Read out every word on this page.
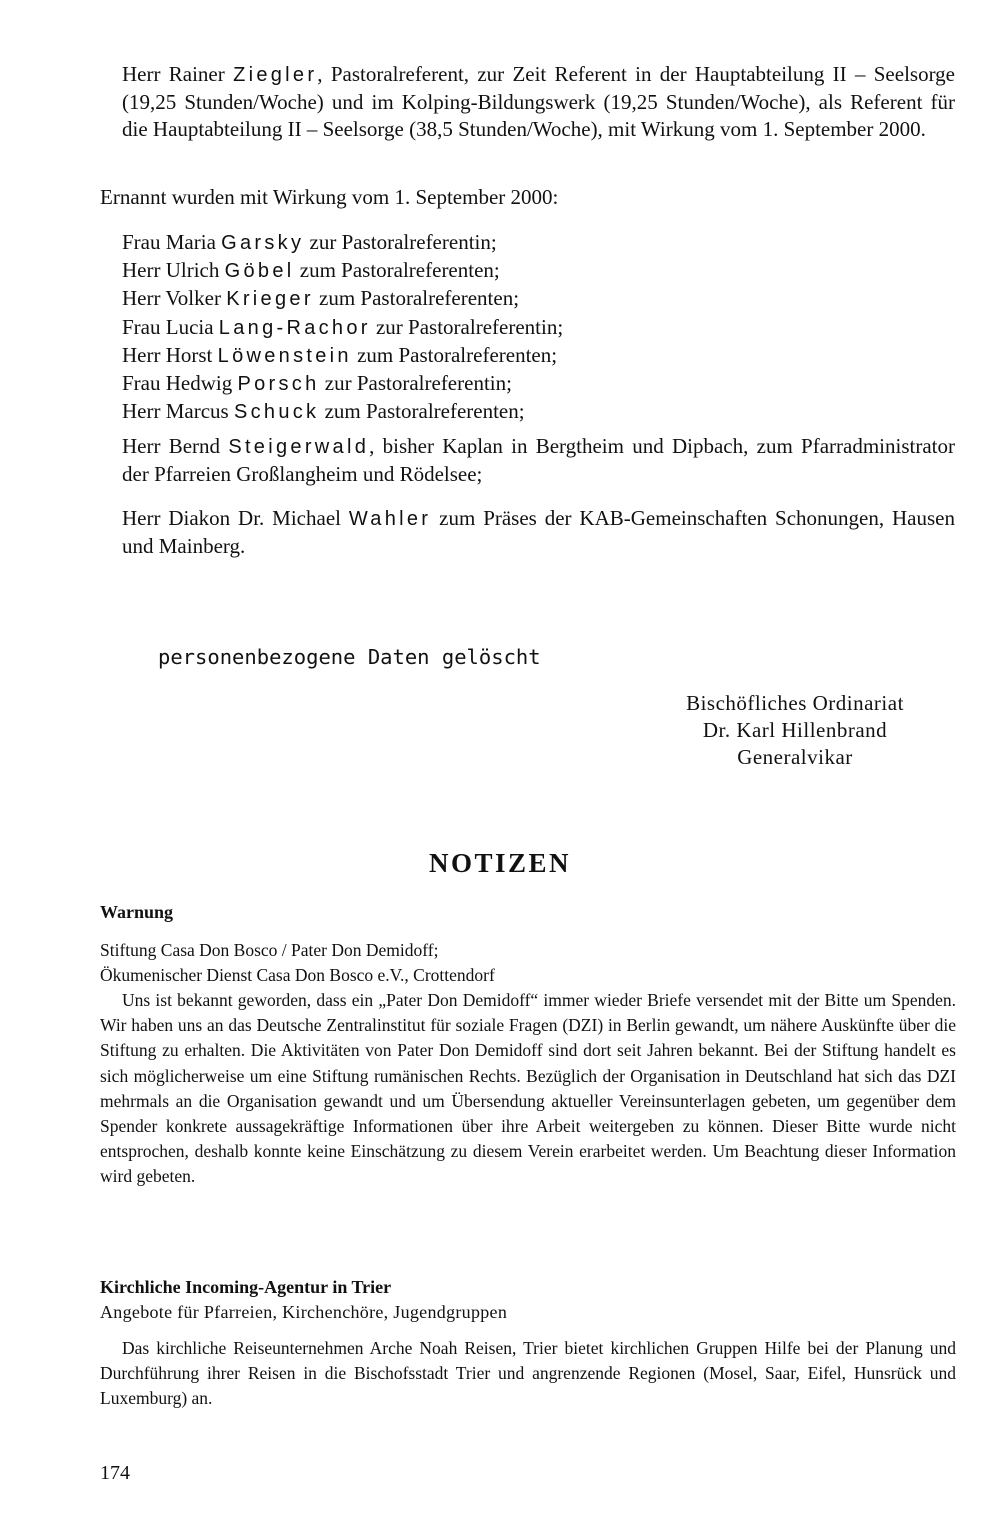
Herr Rainer Ziegler, Pastoralreferent, zur Zeit Referent in der Hauptabteilung II – Seelsorge (19,25 Stunden/Woche) und im Kolping-Bildungswerk (19,25 Stunden/Woche), als Referent für die Hauptabteilung II – Seelsorge (38,5 Stunden/Woche), mit Wirkung vom 1. September 2000.

Ernannt wurden mit Wirkung vom 1. September 2000:

Frau Maria Garsky zur Pastoralreferentin;
Herr Ulrich Göbel zum Pastoralreferenten;
Herr Volker Krieger zum Pastoralreferenten;
Frau Lucia Lang-Rachor zur Pastoralreferentin;
Herr Horst Löwenstein zum Pastoralreferenten;
Frau Hedwig Porsch zur Pastoralreferentin;
Herr Marcus Schuck zum Pastoralreferenten;

Herr Bernd Steigerwald, bisher Kaplan in Bergtheim und Dipbach, zum Pfarradministrator der Pfarreien Großlangheim und Rödelsee;

Herr Diakon Dr. Michael Wahler zum Präses der KAB-Gemeinschaften Schonungen, Hausen und Mainberg.

personenbezogene Daten gelöscht
Bischöfliches Ordinariat
Dr. Karl Hillenbrand
Generalvikar
NOTIZEN
Warnung
Stiftung Casa Don Bosco / Pater Don Demidoff;
Ökumenischer Dienst Casa Don Bosco e.V., Crottendorf

Uns ist bekannt geworden, dass ein „Pater Don Demidoff“ immer wieder Briefe versendet mit der Bitte um Spenden. Wir haben uns an das Deutsche Zentralinstitut für soziale Fragen (DZI) in Berlin gewandt, um nähere Auskünfte über die Stiftung zu erhalten. Die Aktivitäten von Pater Don Demidoff sind dort seit Jahren bekannt. Bei der Stiftung handelt es sich möglicherweise um eine Stiftung rumänischen Rechts. Bezüglich der Organisation in Deutschland hat sich das DZI mehrmals an die Organisation gewandt und um Übersendung aktueller Vereinsunterlagen gebeten, um gegenüber dem Spender konkrete aussagekräftige Informationen über ihre Arbeit weitergeben zu können. Dieser Bitte wurde nicht entsprochen, deshalb konnte keine Einschätzung zu diesem Verein erarbeitet werden. Um Beachtung dieser Information wird gebeten.

Kirchliche Incoming-Agentur in Trier
Angebote für Pfarreien, Kirchenchöre, Jugendgruppen

Das kirchliche Reiseunternehmen Arche Noah Reisen, Trier bietet kirchlichen Gruppen Hilfe bei der Planung und Durchführung ihrer Reisen in die Bischofsstadt Trier und angrenzende Regionen (Mosel, Saar, Eifel, Hunsrück und Luxemburg) an.

174
